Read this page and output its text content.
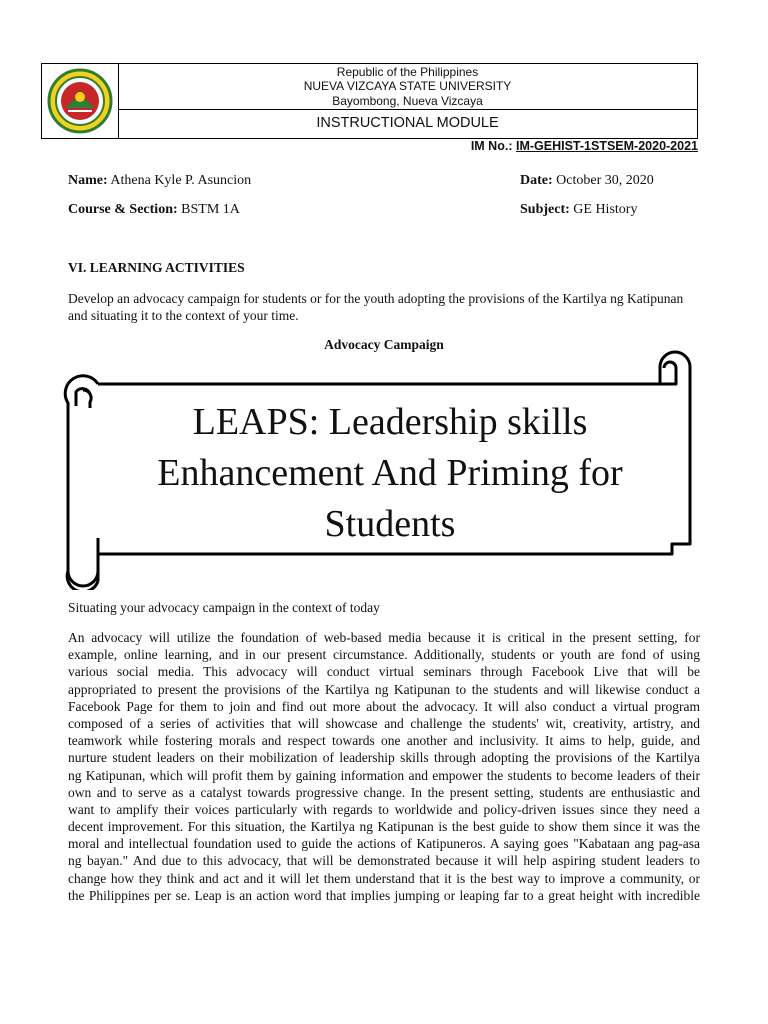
Republic of the Philippines
NUEVA VIZCAYA STATE UNIVERSITY
Bayombong, Nueva Vizcaya
INSTRUCTIONAL MODULE
IM No.: IM-GEHIST-1STSEM-2020-2021
Name: Athena Kyle P. Asuncion	Date: October 30, 2020
Course & Section: BSTM 1A	Subject: GE History
VI. LEARNING ACTIVITIES
Develop an advocacy campaign for students or for the youth adopting the provisions of the Kartilya ng Katipunan
and situating it to the context of your time.
Advocacy Campaign
LEAPS: Leadership skills
Enhancement And Priming for
Students
Situating your advocacy campaign in the context of today
An advocacy will utilize the foundation of web-based media because it is critical in the present setting, for
example, online learning, and in our present circumstance. Additionally, students or youth are fond of using
various social media. This advocacy will conduct virtual seminars through Facebook Live that will be
appropriated to present the provisions of the Kartilya ng Katipunan to the students and will likewise conduct a
Facebook Page for them to join and find out more about the advocacy. It will also conduct a virtual program
composed of a series of activities that will showcase and challenge the students' wit, creativity, artistry, and
teamwork while fostering morals and respect towards one another and inclusivity. It aims to help, guide, and
nurture student leaders on their mobilization of leadership skills through adopting the provisions of the Kartilya
ng Katipunan, which will profit them by gaining information and empower the students to become leaders of their
own and to serve as a catalyst towards progressive change. In the present setting, students are enthusiastic and
want to amplify their voices particularly with regards to worldwide and policy-driven issues since they need a
decent improvement. For this situation, the Kartilya ng Katipunan is the best guide to show them since it was the
moral and intellectual foundation used to guide the actions of Katipuneros. A saying goes "Kabataan ang pag-asa
ng bayan." And due to this advocacy, that will be demonstrated because it will help aspiring student leaders to
change how they think and act and it will let them understand that it is the best way to improve a community, or
the Philippines per se. Leap is an action word that implies jumping or leaping far to a great height with incredible
